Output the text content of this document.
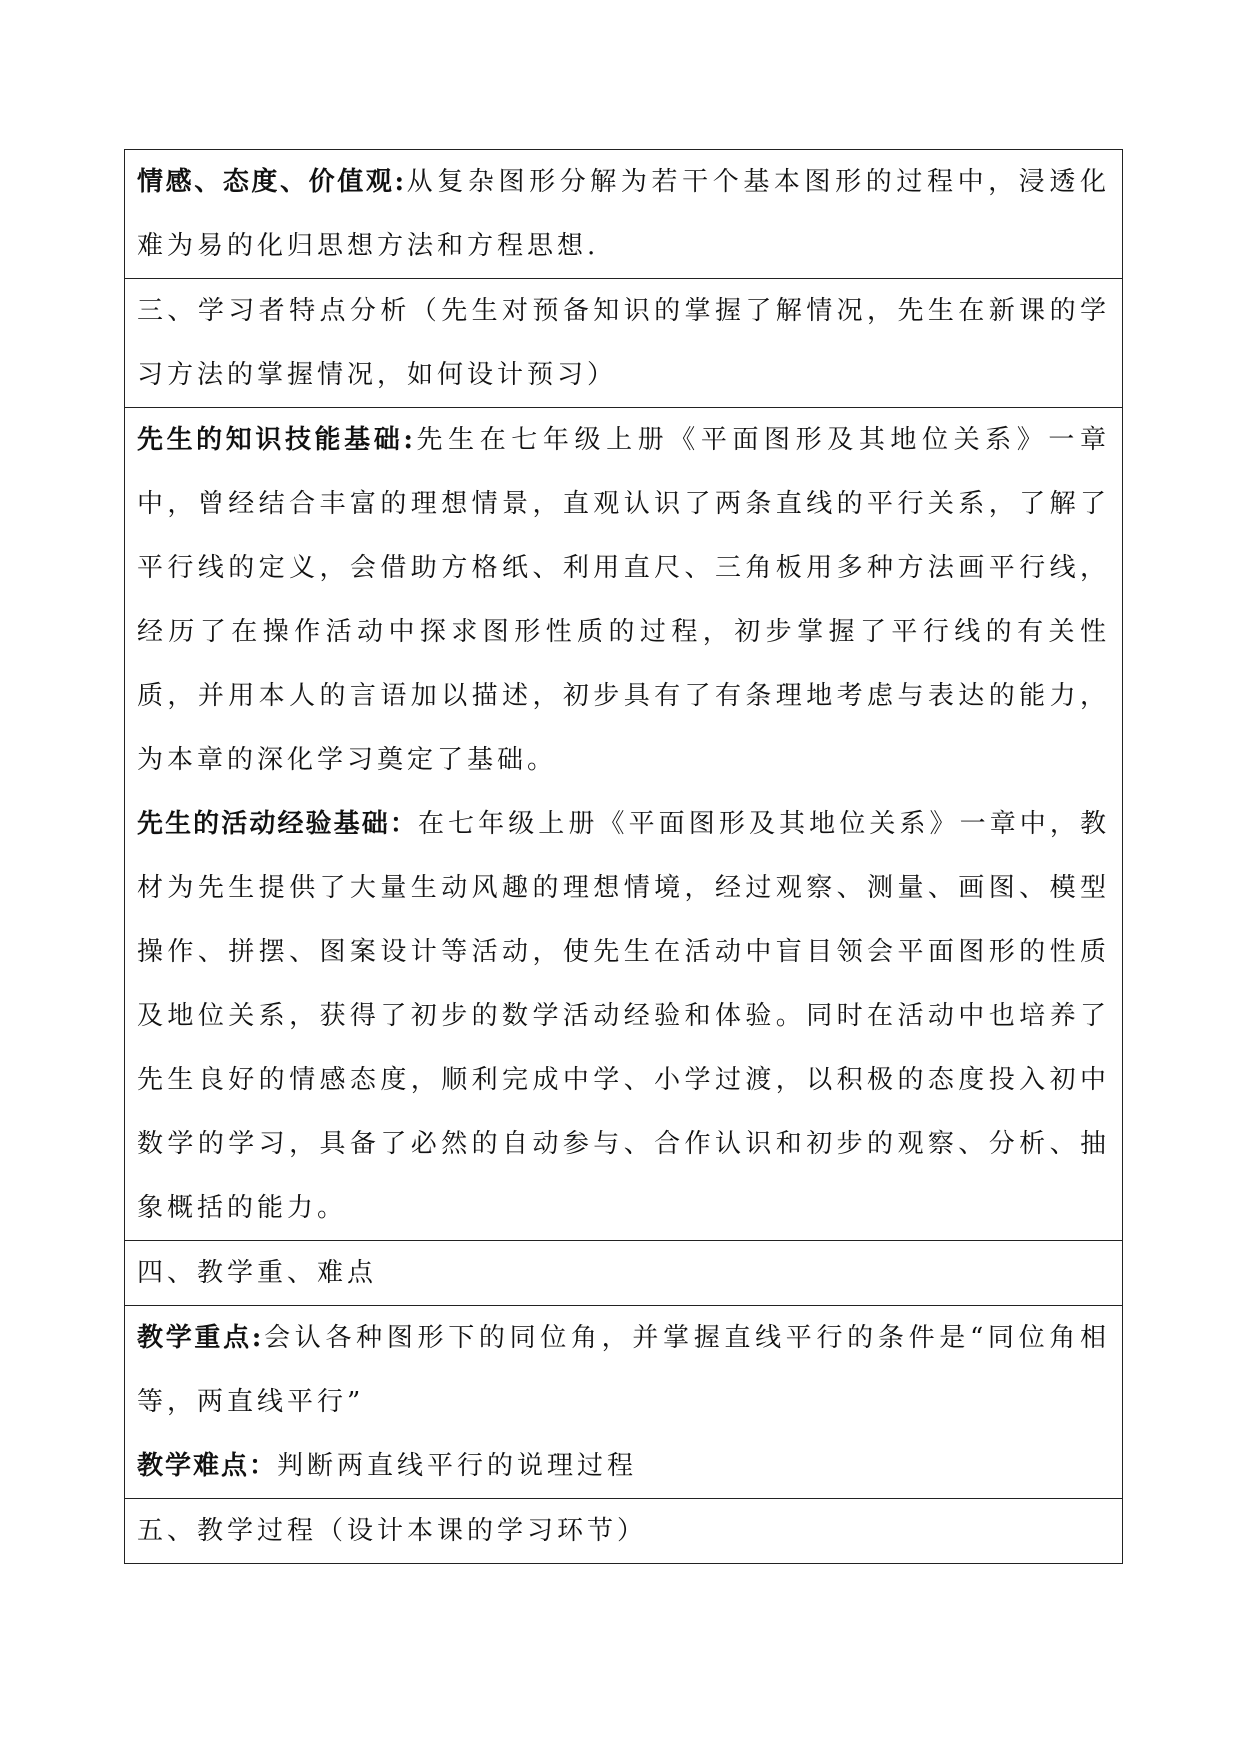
情感、态度、价值观:从复杂图形分解为若干个基本图形的过程中，浸透化难为易的化归思想方法和方程思想.

三、学习者特点分析（先生对预备知识的掌握了解情况，先生在新课的学习方法的掌握情况，如何设计预习）

先生的知识技能基础:先生在七年级上册《平面图形及其地位关系》一章中，曾经结合丰富的理想情景，直观认识了两条直线的平行关系，了解了平行线的定义，会借助方格纸、利用直尺、三角板用多种方法画平行线，经历了在操作活动中探求图形性质的过程，初步掌握了平行线的有关性质，并用本人的言语加以描述，初步具有了有条理地考虑与表达的能力，为本章的深化学习奠定了基础。

先生的活动经验基础：在七年级上册《平面图形及其地位关系》一章中，教材为先生提供了大量生动风趣的理想情境，经过观察、测量、画图、模型操作、拼摆、图案设计等活动，使先生在活动中盲目领会平面图形的性质及地位关系，获得了初步的数学活动经验和体验。同时在活动中也培养了先生良好的情感态度，顺利完成中学、小学过渡，以积极的态度投入初中数学的学习，具备了必然的自动参与、合作认识和初步的观察、分析、抽象概括的能力。

四、教学重、难点

教学重点:会认各种图形下的同位角，并掌握直线平行的条件是“同位角相等，两直线平行”

教学难点：判断两直线平行的说理过程

五、教学过程（设计本课的学习环节）
